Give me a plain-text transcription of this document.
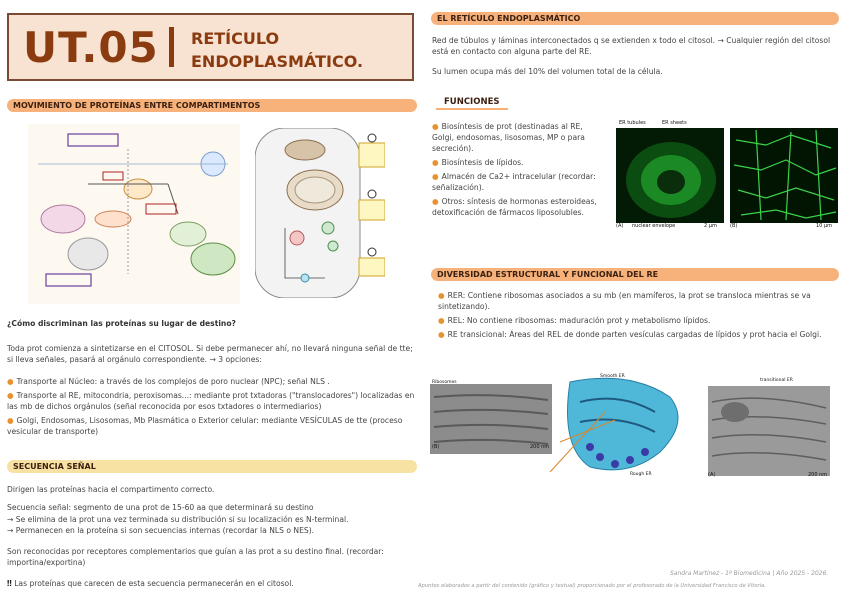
UT.05 RETÍCULO
ENDOPLASMÁTICO.
MOVIMIENTO DE PROTEÍNAS ENTRE COMPARTIMENTOS
¿Cómo discriminan las proteínas su lugar de destino?
Toda prot comienza a sintetizarse en el CITOSOL. Si debe permanecer ahí, no llevará ninguna señal de tte; si lleva señales, pasará al orgánulo correspondiente. → 3 opciones:
● Transporte al Núcleo: a través de los complejos de poro nuclear (NPC); señal NLS .
● Transporte al RE, mitocondria, peroxisomas...: mediante prot txtadoras ("translocadores") localizadas en las mb de dichos orgánulos (señal reconocida por esos txtadores o intermediarios)
● Golgi, Endosomas, Lisosomas, Mb Plasmática o Exterior celular: mediante VESÍCULAS de tte (proceso vesicular de transporte)
SECUENCIA SEÑAL
Dirigen las proteínas hacia el compartimento correcto.
Secuencia señal: segmento de una prot de 15-60 aa que determinará su destino
→ Se elimina de la prot una vez terminada su distribución si su localización es N-terminal.
→ Permanecen en la proteína si son secuencias internas (recordar la NLS o NES).
Son reconocidas por receptores complementarios que guían a las prot a su destino final. (recordar: importina/exportina)
‼ Las proteínas que carecen de esta secuencia permanecerán en el citosol.
EL RETÍCULO ENDOPLASMÁTICO
Red de túbulos y láminas interconectados q se extienden x todo el citosol. → Cualquier región del citosol está en contacto con alguna parte del RE.
Su lumen ocupa más del 10% del volumen total de la célula.
FUNCIONES
● Biosíntesis de prot (destinadas al RE, Golgi, endosomas, lisosomas, MP o para secreción).
● Biosíntesis de lípidos.
● Almacén de Ca2+ intracelular (recordar: señalización).
● Otros: síntesis de hormonas esteroideas, detoxificación de fármacos liposolubles.
ER tubules	ER sheets
(A) nuclear envelope	2 µm	(B)	10 µm
DIVERSIDAD ESTRUCTURAL Y FUNCIONAL DEL RE
● RER: Contiene ribosomas asociados a su mb (en mamíferos, la prot se transloca mientras se va sintetizando).
● REL: No contiene ribosomas: maduración prot y metabolismo lípidos.
● RE transicional: Áreas del REL de donde parten vesículas cargadas de lípidos y prot hacia el Golgi.
Ribosomes
(B)	200 nm
Smooth ER
Rough ER
transitional ER
(A)	200 nm
Sandra Martínez - 1º Biomedicina | Año 2025 - 2026.
Apuntes elaborados a partir del contenido (gráfico y textual) proporcionado por el profesorado de la Universidad Francisco de Vitoria.
